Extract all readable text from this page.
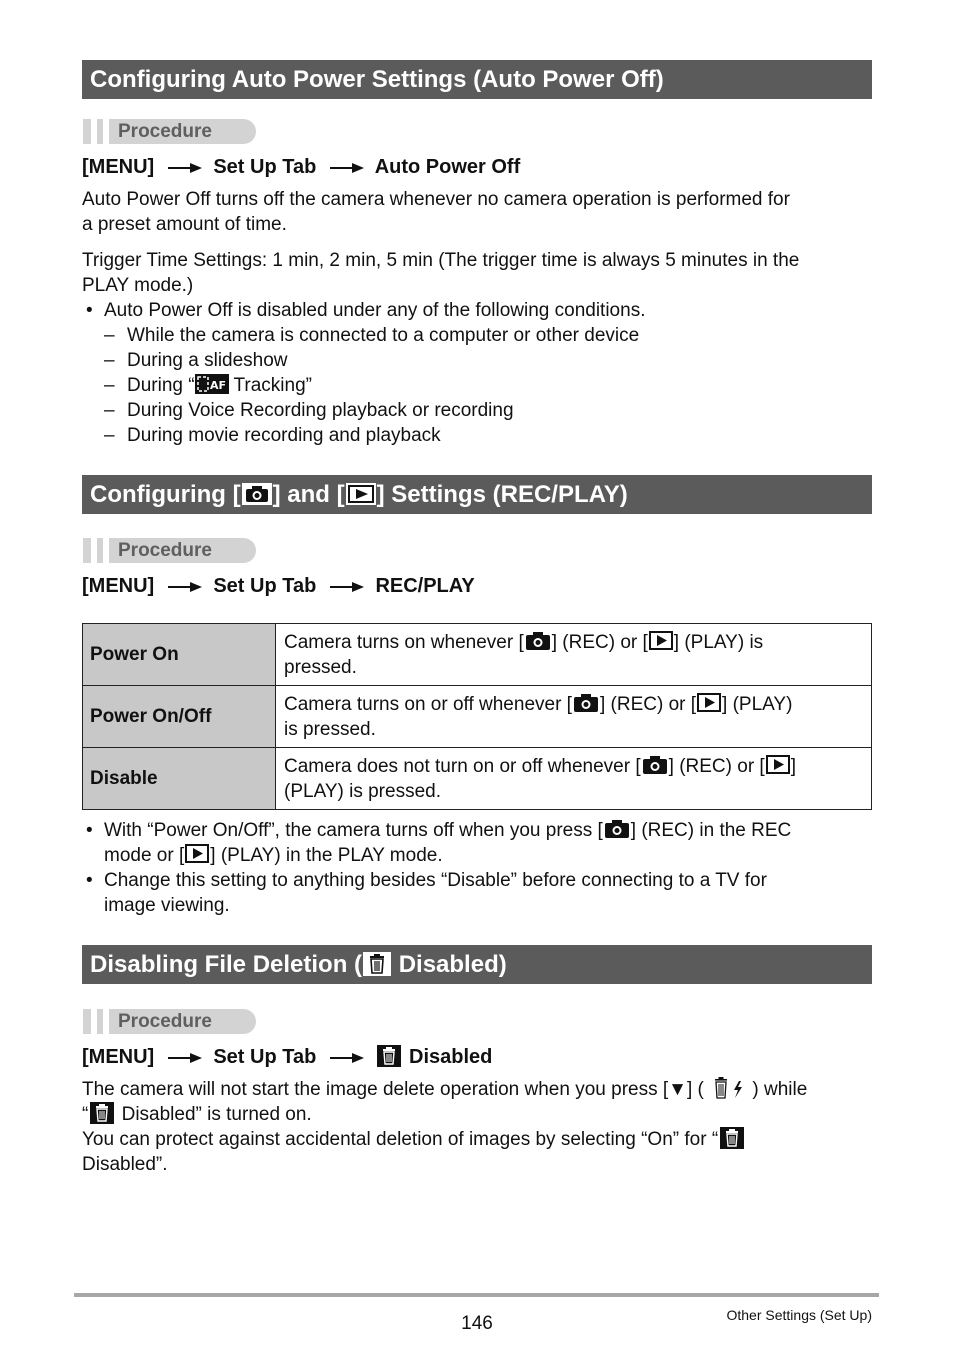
Configuring Auto Power Settings (Auto Power Off)
Procedure
[MENU]	Set Up Tab	Auto Power Off
Auto Power Off turns off the camera whenever no camera operation is performed for
a preset amount of time.
Trigger Time Settings: 1 min, 2 min, 5 min (The trigger time is always 5 minutes in the
PLAY mode.)
• Auto Power Off is disabled under any of the following conditions.
– While the camera is connected to a computer or other device
– During a slideshow
– During “ AF Tracking”
– During Voice Recording playback or recording
– During movie recording and playback
Configuring [ ] and [ ] Settings (REC/PLAY)
Procedure
[MENU]	Set Up Tab	REC/PLAY
Power On	Camera turns on whenever [ ] (REC) or [ ] (PLAY) is
pressed.
Power On/Off	Camera turns on or off whenever [ ] (REC) or [ ] (PLAY)
is pressed.
Disable	Camera does not turn on or off whenever [ ] (REC) or [ ]
(PLAY) is pressed.
• With “Power On/Off”, the camera turns off when you press [ ] (REC) in the REC
mode or [ ] (PLAY) in the PLAY mode.
• Change this setting to anything besides “Disable” before connecting to a TV for
image viewing.
Disabling File Deletion ( Disabled)
Procedure
[MENU]	Set Up Tab	Disabled
The camera will not start the image delete operation when you press [▼] (	) while
“ Disabled” is turned on.
You can protect against accidental deletion of images by selecting “On” for “
Disabled”.
146	Other Settings (Set Up)
